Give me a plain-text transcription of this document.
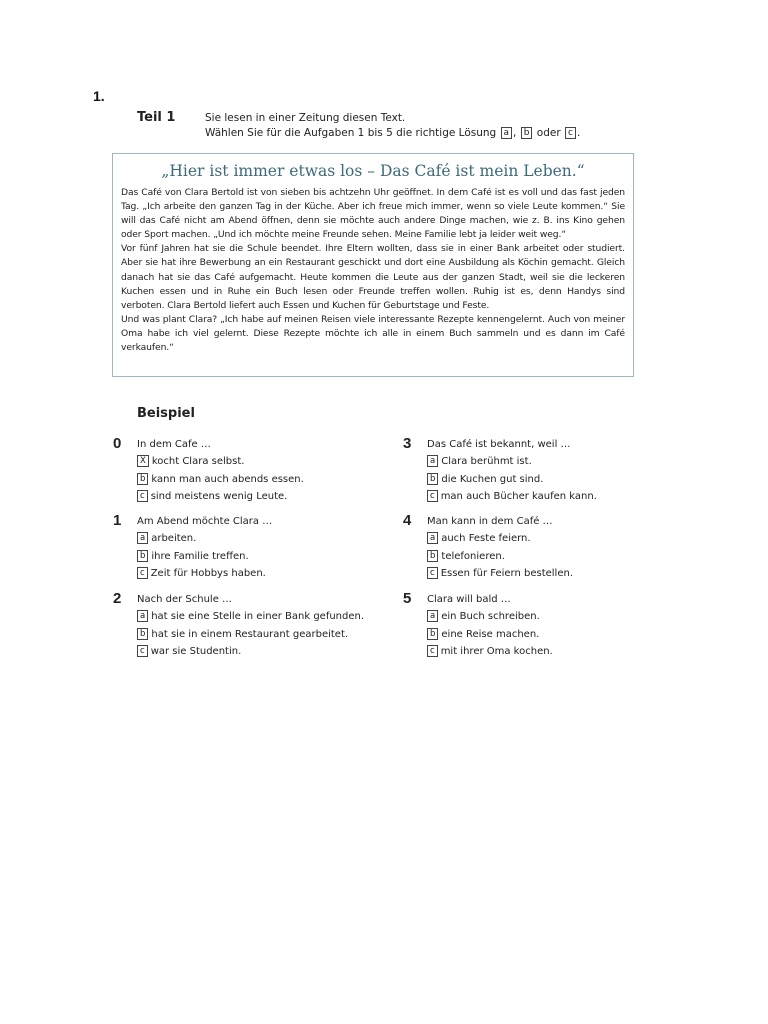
1.
Teil 1	Sie lesen in einer Zeitung diesen Text.
Wählen Sie für die Aufgaben 1 bis 5 die richtige Lösung a , b oder c .
„Hier ist immer etwas los – Das Café ist mein Leben.“

Das Café von Clara Bertold ist von sieben bis achtzehn Uhr geöffnet. In dem Café ist es voll und das fast jeden Tag. „Ich arbeite den ganzen Tag in der Küche. Aber ich freue mich immer, wenn so viele Leute kommen.“ Sie will das Café nicht am Abend öffnen, denn sie möchte auch andere Dinge machen, wie z. B. ins Kino gehen oder Sport machen. „Und ich möchte meine Freunde sehen. Meine Familie lebt ja leider weit weg.“

Vor fünf Jahren hat sie die Schule beendet. Ihre Eltern wollten, dass sie in einer Bank arbeitet oder studiert. Aber sie hat ihre Bewerbung an ein Restaurant geschickt und dort eine Ausbildung als Köchin gemacht. Gleich danach hat sie das Café aufgemacht. Heute kommen die Leute aus der ganzen Stadt, weil sie die leckeren Kuchen essen und in Ruhe ein Buch lesen oder Freunde treffen wollen. Ruhig ist es, denn Handys sind verboten. Clara Bertold liefert auch Essen und Kuchen für Geburtstage und Feste.

Und was plant Clara? „Ich habe auf meinen Reisen viele interessante Rezepte kennengelernt. Auch von meiner Oma habe ich viel gelernt. Diese Rezepte möchte ich alle in einem Buch sammeln und es dann im Café verkaufen.“

Beispiel
0 In dem Cafe …
X kocht Clara selbst.
b kann man auch abends essen.
c sind meistens wenig Leute.
1 Am Abend möchte Clara …
a arbeiten.
b ihre Familie treffen.
c Zeit für Hobbys haben.
2 Nach der Schule …
a hat sie eine Stelle in einer Bank gefunden.
b hat sie in einem Restaurant gearbeitet.
c war sie Studentin.
3 Das Café ist bekannt, weil …
a Clara berühmt ist.
b die Kuchen gut sind.
c man auch Bücher kaufen kann.
4 Man kann in dem Café …
a auch Feste feiern.
b telefonieren.
c Essen für Feiern bestellen.
5 Clara will bald …
a ein Buch schreiben.
b eine Reise machen.
c mit ihrer Oma kochen.
